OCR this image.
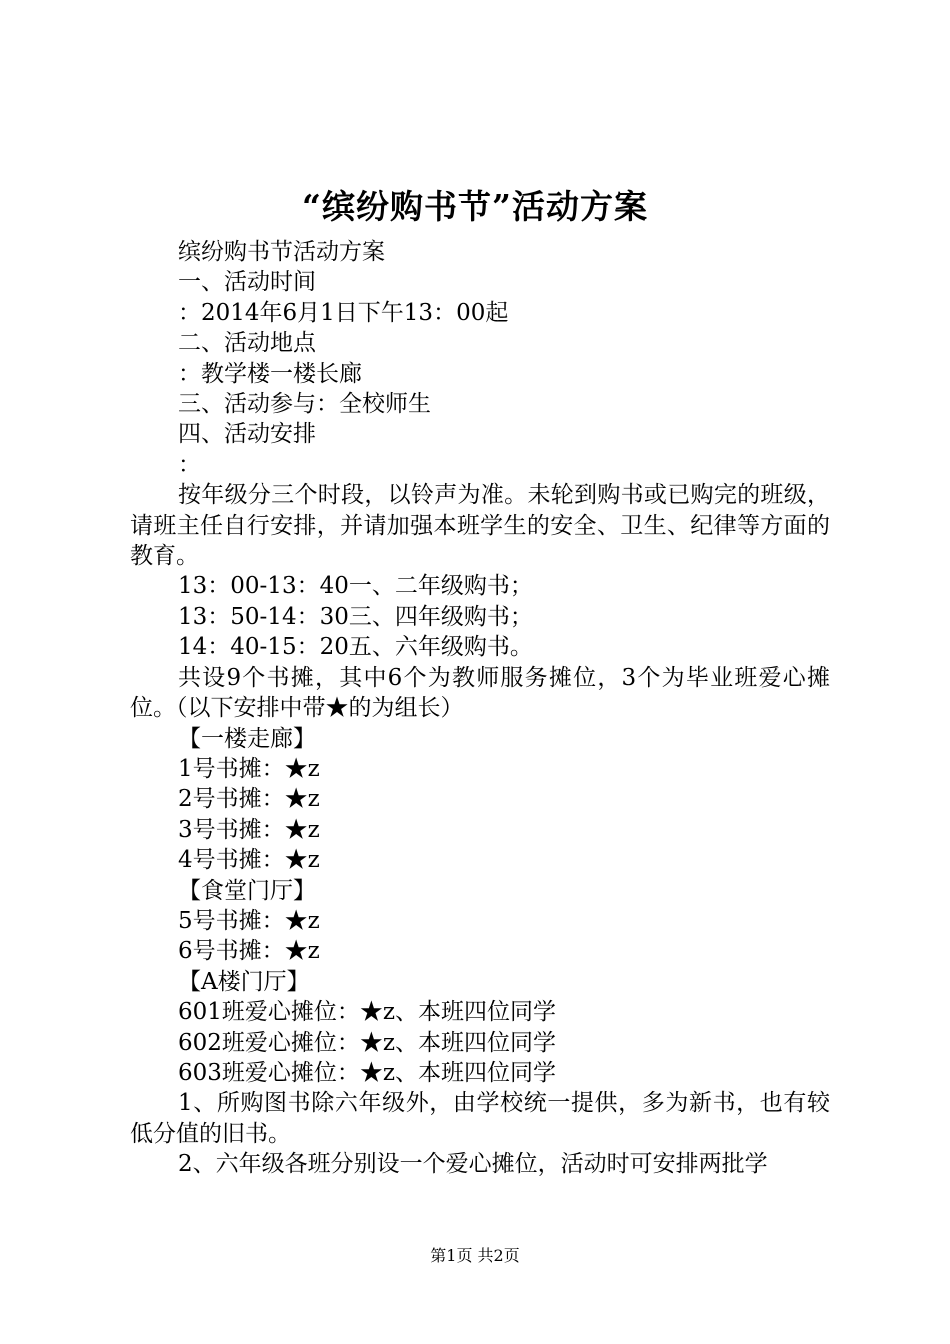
“缤纷购书节”活动方案

缤纷购书节活动方案

一、活动时间

：2014年6月1日下午13：00起

二、活动地点

：教学楼一楼长廊

三、活动参与：全校师生

四、活动安排

：

按年级分三个时段，以铃声为准。未轮到购书或已购完的班级，请班主任自行安排，并请加强本班学生的安全、卫生、纪律等方面的教育。

13：00-13：40一、二年级购书；

13：50-14：30三、四年级购书；

14：40-15：20五、六年级购书。

共设9个书摊，其中6个为教师服务摊位，3个为毕业班爱心摊位。（以下安排中带★的为组长）

【一楼走廊】

1号书摊：★z

2号书摊：★z

3号书摊：★z

4号书摊：★z

【食堂门厅】

5号书摊：★z

6号书摊：★z

【A楼门厅】

601班爱心摊位：★z、本班四位同学

602班爱心摊位：★z、本班四位同学

603班爱心摊位：★z、本班四位同学

1、所购图书除六年级外，由学校统一提供，多为新书，也有较低分值的旧书。

2、六年级各班分别设一个爱心摊位，活动时可安排两批学

第1页 共2页
